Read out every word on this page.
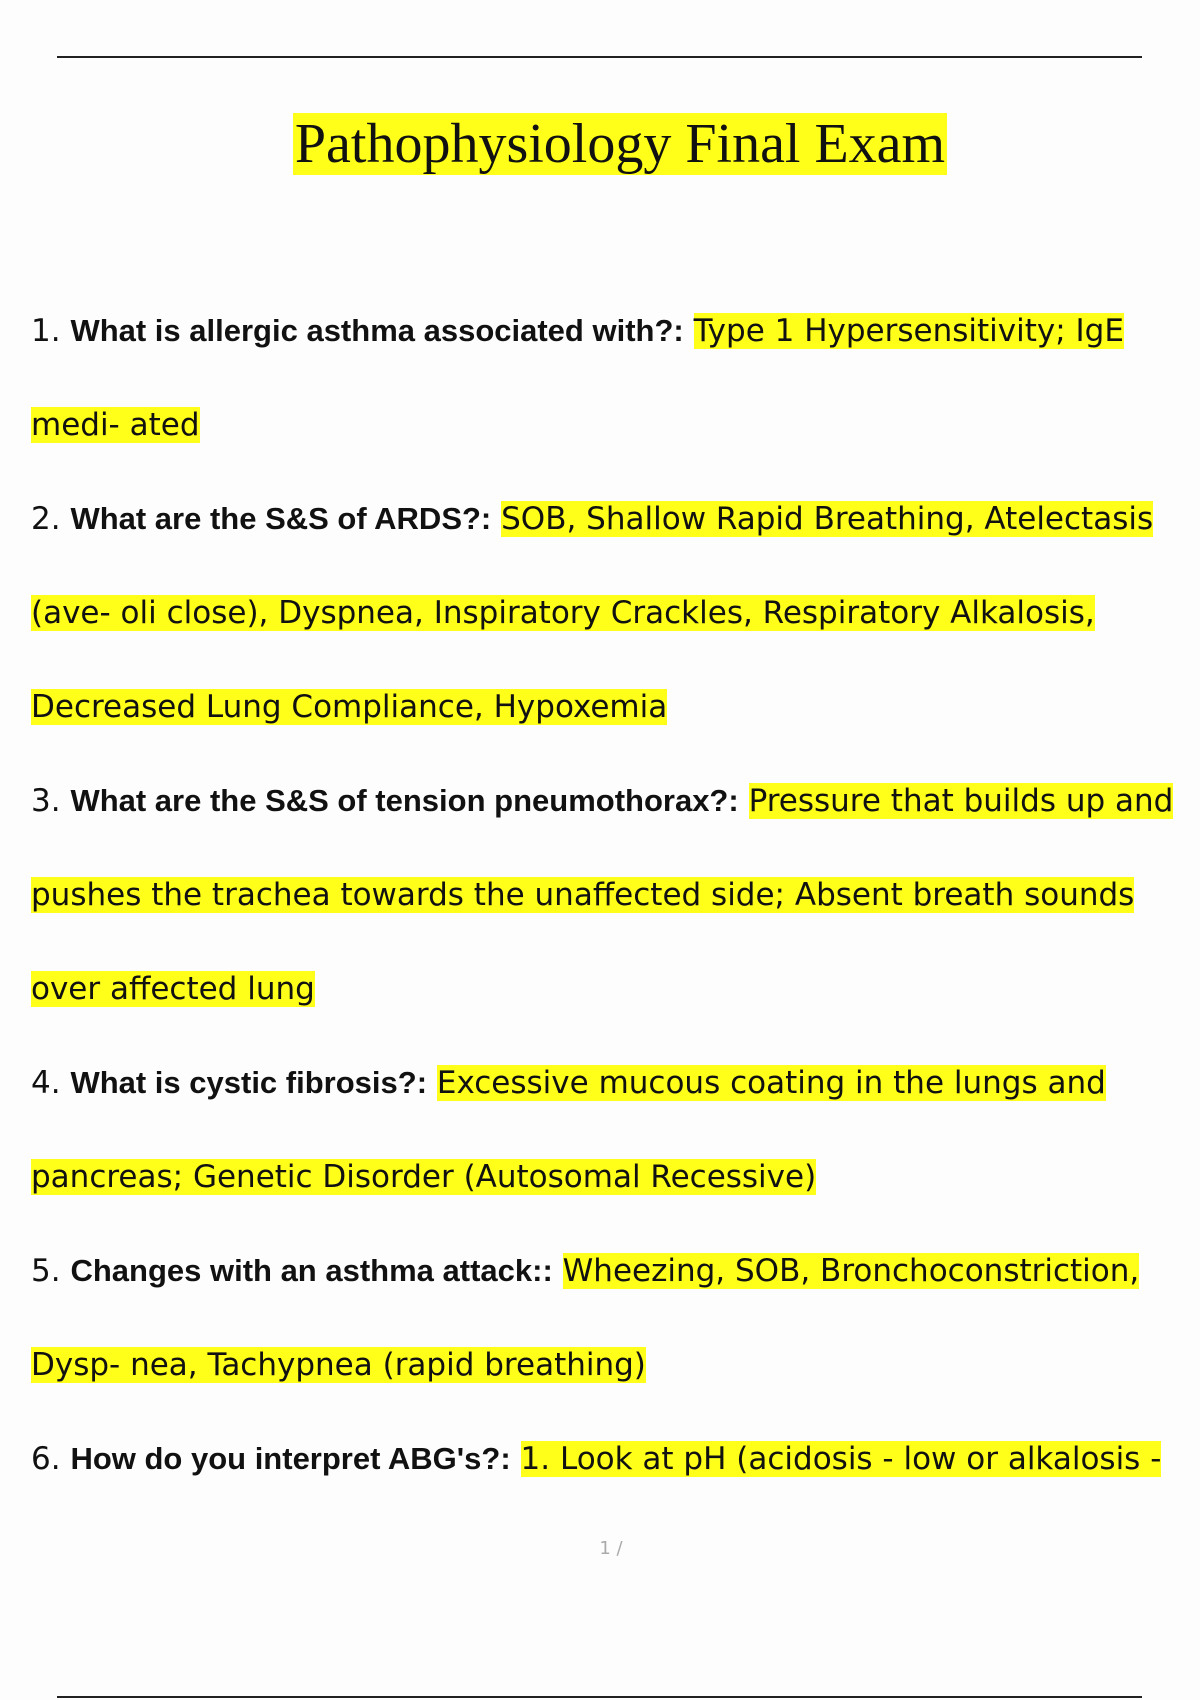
Pathophysiology Final Exam
1. What is allergic asthma associated with?: Type 1 Hypersensitivity; IgE medi- ated
2. What are the S&S of ARDS?: SOB, Shallow Rapid Breathing, Atelectasis (ave- oli close), Dyspnea, Inspiratory Crackles, Respiratory Alkalosis, Decreased Lung Compliance, Hypoxemia
3. What are the S&S of tension pneumothorax?: Pressure that builds up and pushes the trachea towards the unaffected side; Absent breath sounds over affected lung
4. What is cystic fibrosis?: Excessive mucous coating in the lungs and pancreas; Genetic Disorder (Autosomal Recessive)
5. Changes with an asthma attack:: Wheezing, SOB, Bronchoconstriction, Dysp- nea, Tachypnea (rapid breathing)
6. How do you interpret ABG's?: 1. Look at pH (acidosis - low or alkalosis -
1 /
